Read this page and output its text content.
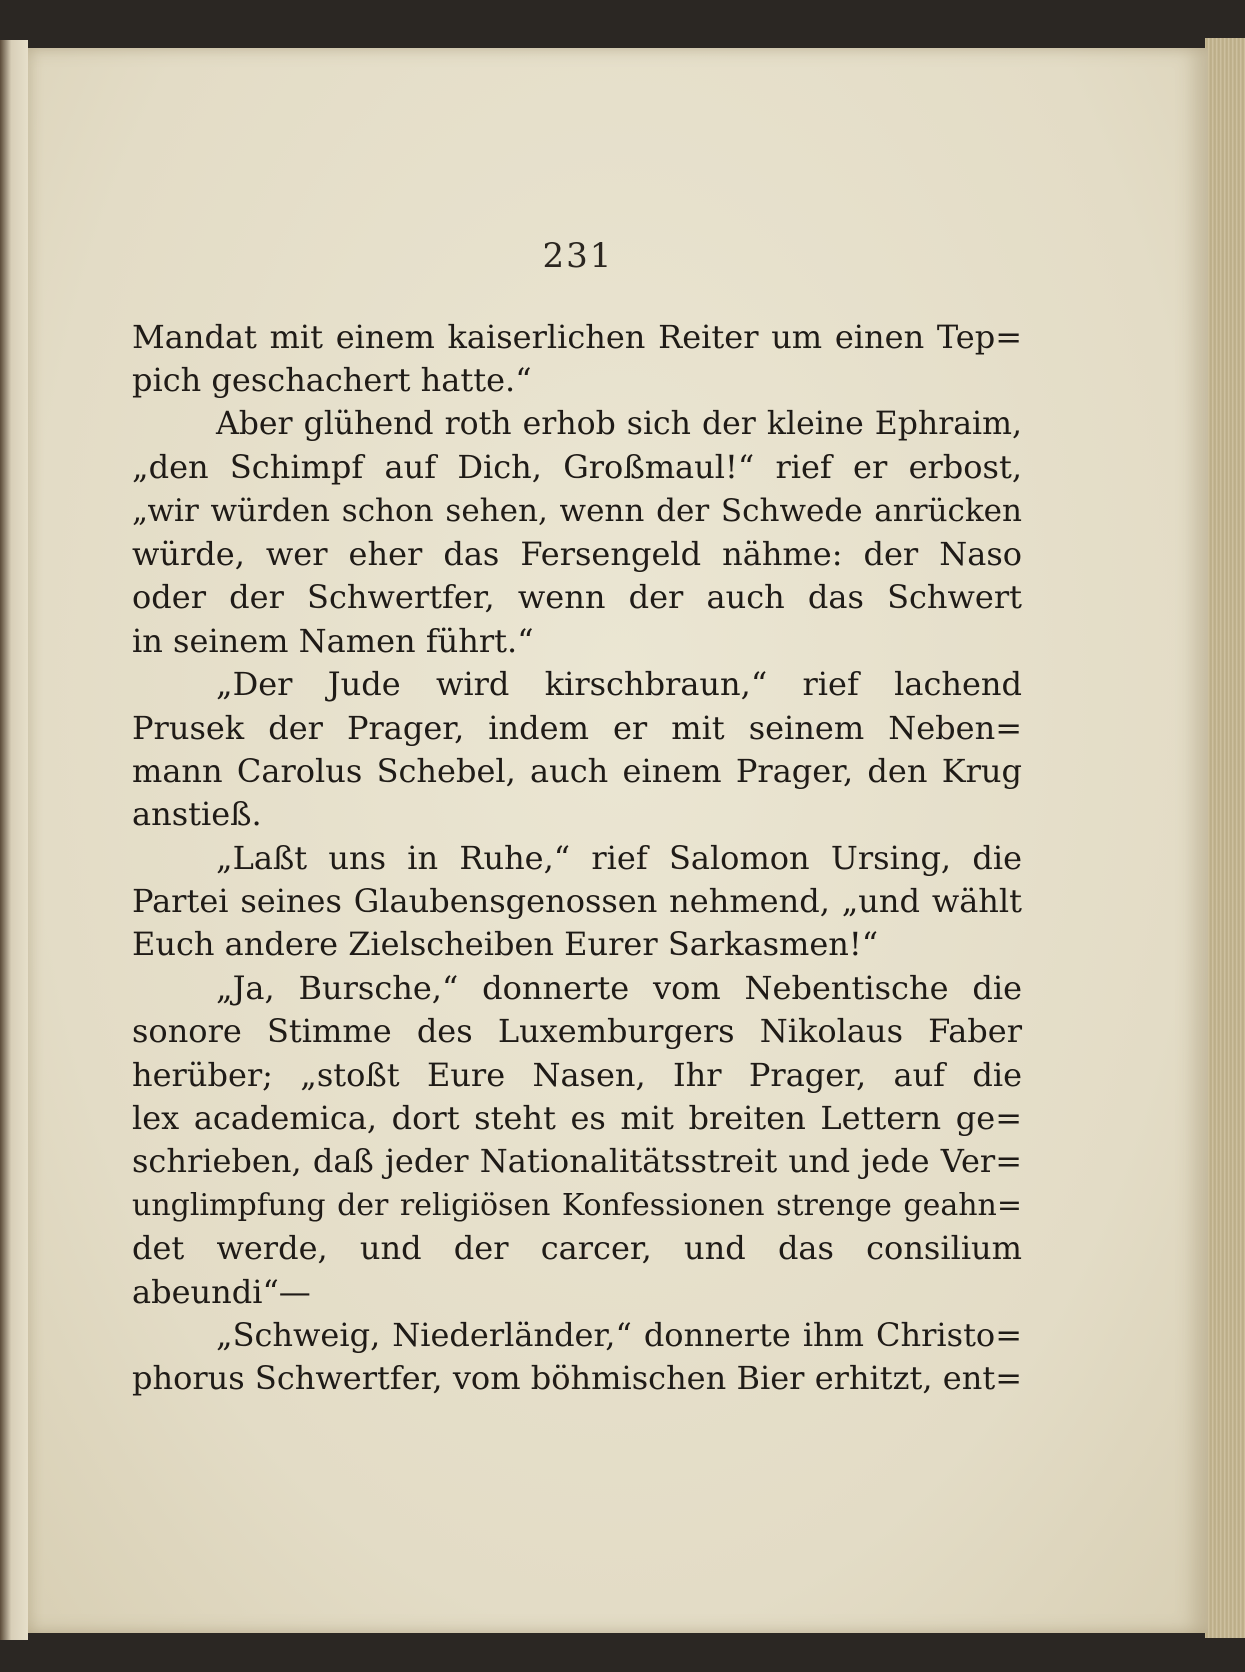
231
Mandat mit einem kaiserlichen Reiter um einen Tep=
pich geschachert hatte.“
Aber glühend roth erhob sich der kleine Ephraim,
„den Schimpf auf Dich, Großmaul!“ rief er erbost,
„wir würden schon sehen, wenn der Schwede anrücken
würde, wer eher das Fersengeld nähme: der Naso
oder der Schwertfer, wenn der auch das Schwert
in seinem Namen führt.“
„Der Jude wird kirschbraun,“ rief lachend
Prusek der Prager, indem er mit seinem Neben=
mann Carolus Schebel, auch einem Prager, den Krug
anstieß.
„Laßt uns in Ruhe,“ rief Salomon Ursing, die
Partei seines Glaubensgenossen nehmend, „und wählt
Euch andere Zielscheiben Eurer Sarkasmen!“
„Ja, Bursche,“ donnerte vom Nebentische die
sonore Stimme des Luxemburgers Nikolaus Faber
herüber; „stoßt Eure Nasen, Ihr Prager, auf die
lex academica, dort steht es mit breiten Lettern ge=
schrieben, daß jeder Nationalitätsstreit und jede Ver=
unglimpfung der religiösen Konfessionen strenge geahn=
det werde, und der carcer, und das consilium
abeundi“—
„Schweig, Niederländer,“ donnerte ihm Christo=
phorus Schwertfer, vom böhmischen Bier erhitzt, ent=
